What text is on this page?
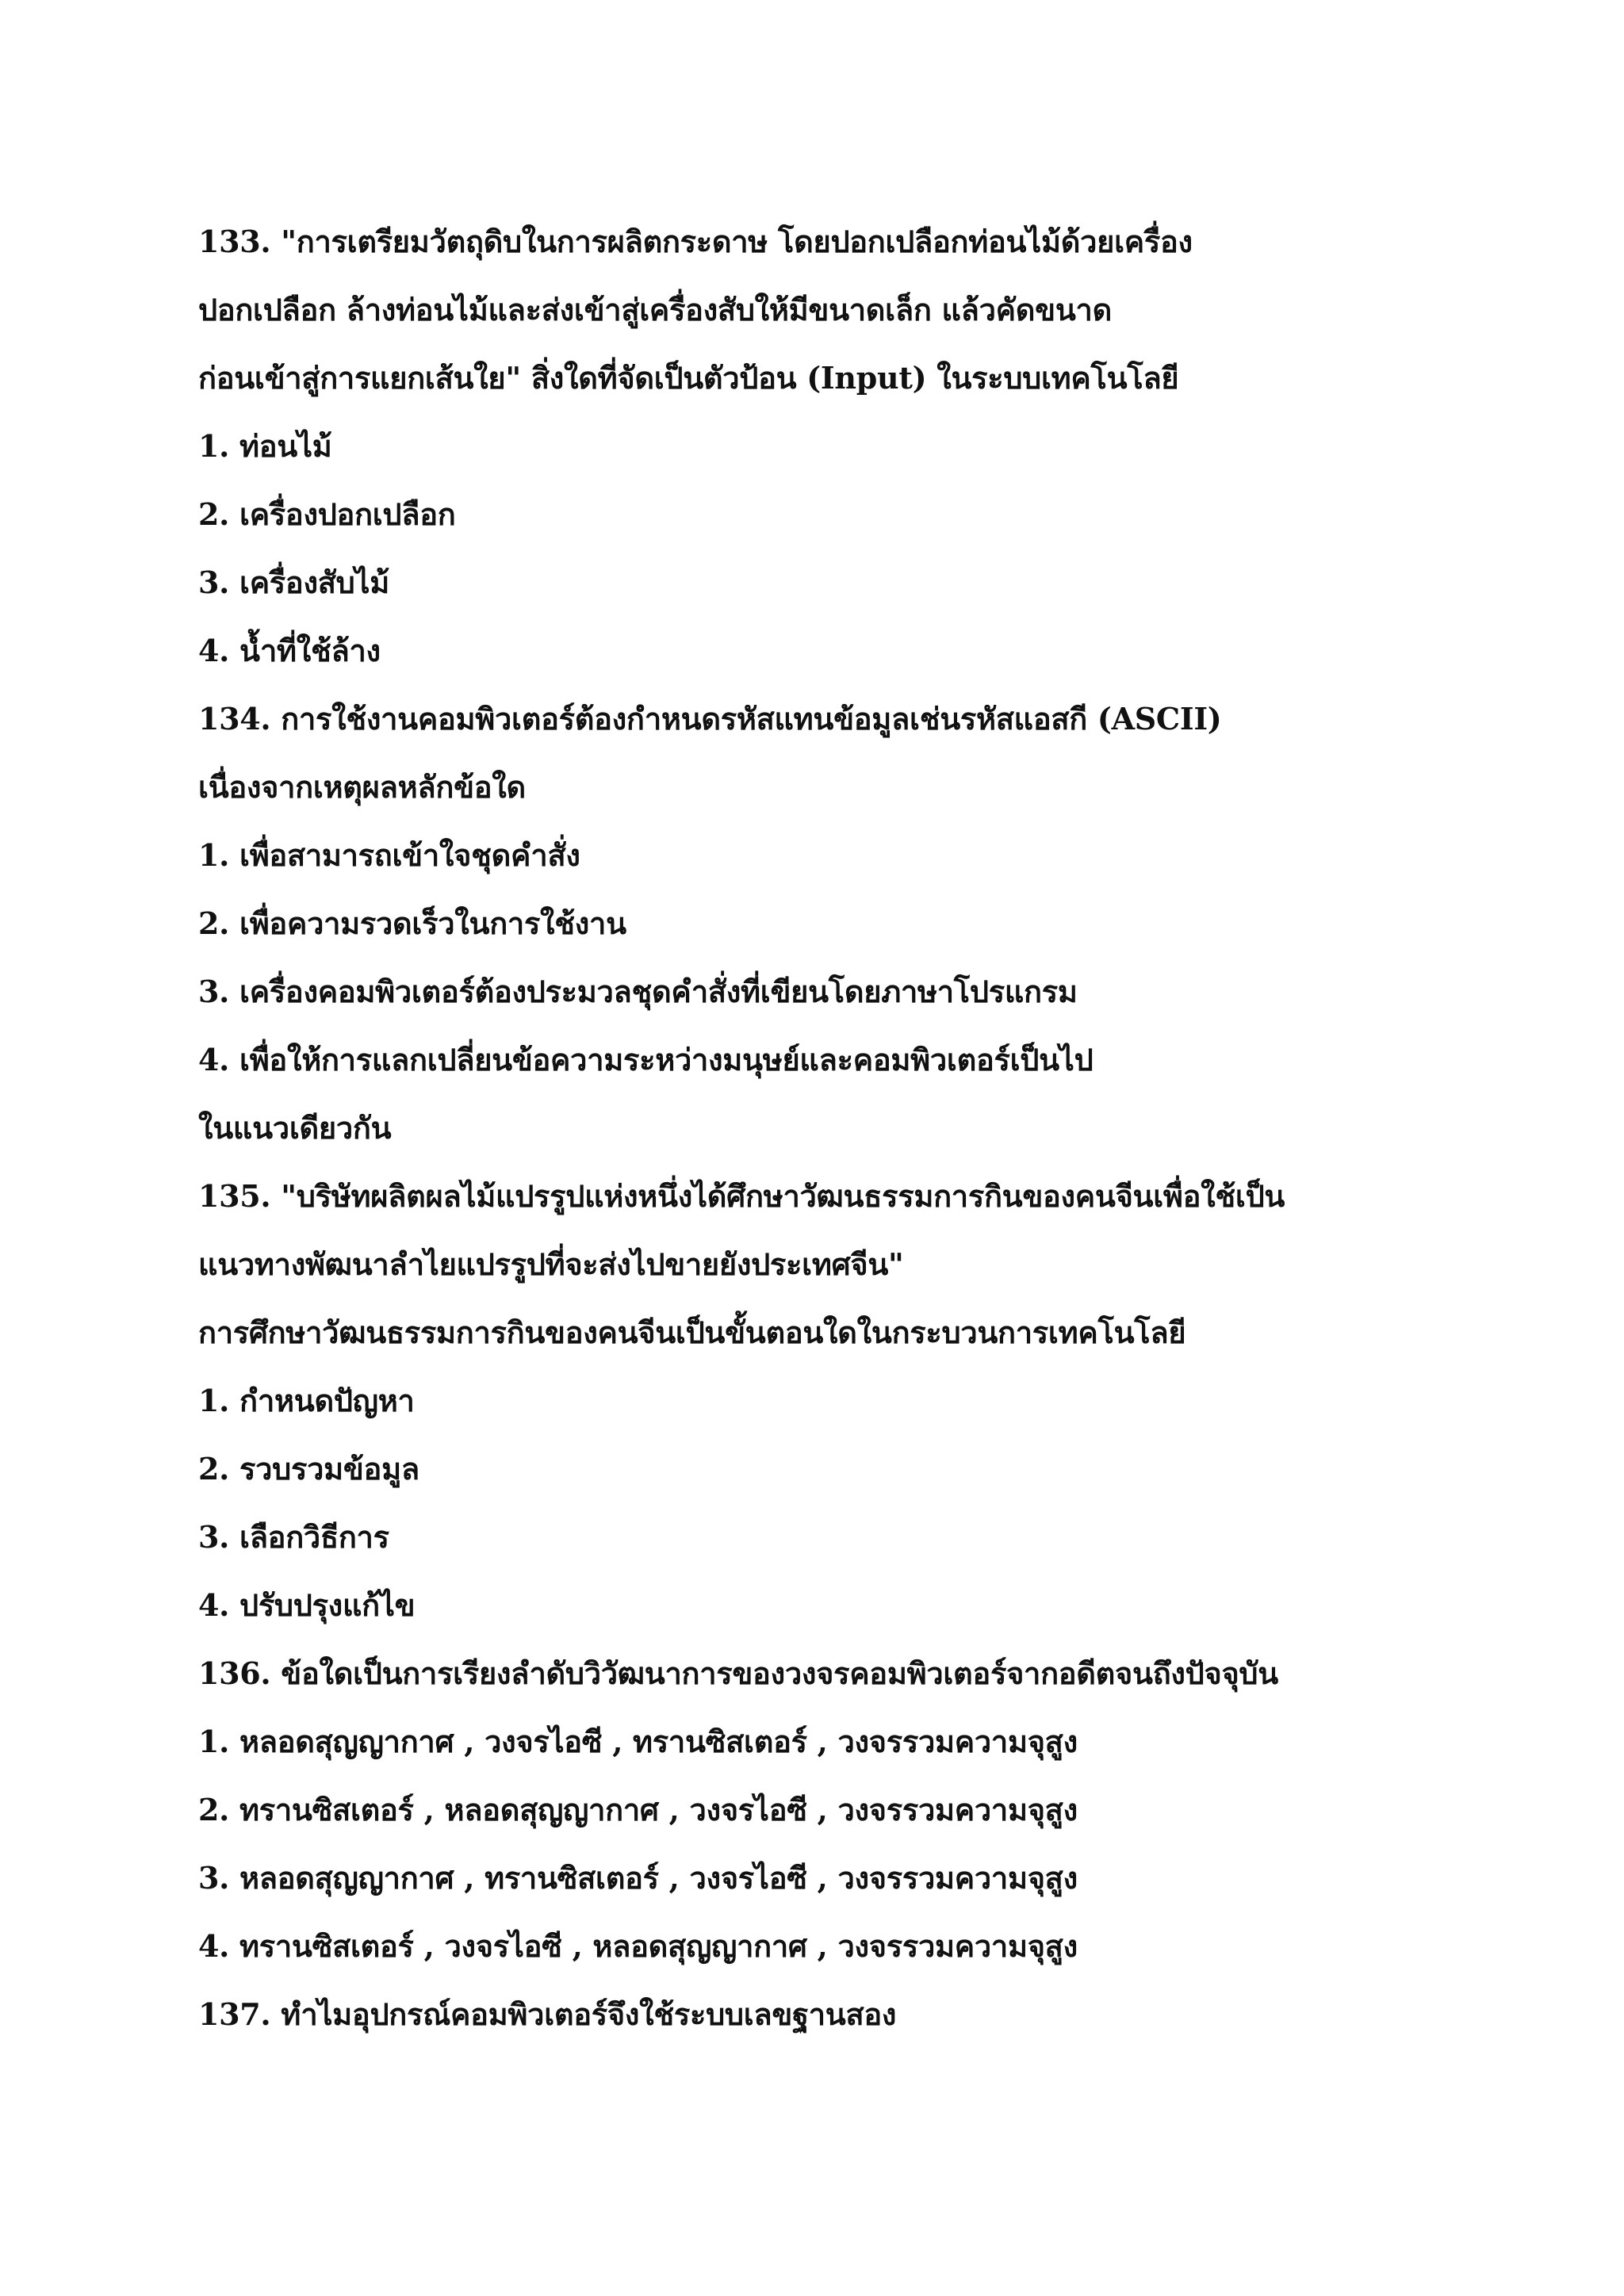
133. "การเตรียมวัตถุดิบในการผลิตกระดาษ โดยปอกเปลือกท่อนไม้ด้วยเครื่อง
ปอกเปลือก ล้างท่อนไม้และส่งเข้าสู่เครื่องสับให้มีขนาดเล็ก แล้วคัดขนาด
ก่อนเข้าสู่การแยกเส้นใย" สิ่งใดที่จัดเป็นตัวป้อน (Input) ในระบบเทคโนโลยี
1. ท่อนไม้
2. เครื่องปอกเปลือก
3. เครื่องสับไม้
4. น้ำที่ใช้ล้าง
134. การใช้งานคอมพิวเตอร์ต้องกำหนดรหัสแทนข้อมูลเช่นรหัสแอสกี (ASCII)
เนื่องจากเหตุผลหลักข้อใด
1. เพื่อสามารถเข้าใจชุดคำสั่ง
2. เพื่อความรวดเร็วในการใช้งาน
3. เครื่องคอมพิวเตอร์ต้องประมวลชุดคำสั่งที่เขียนโดยภาษาโปรแกรม
4. เพื่อให้การแลกเปลี่ยนข้อความระหว่างมนุษย์และคอมพิวเตอร์เป็นไป
ในแนวเดียวกัน
135. "บริษัทผลิตผลไม้แปรรูปแห่งหนึ่งได้ศึกษาวัฒนธรรมการกินของคนจีนเพื่อใช้เป็น
แนวทางพัฒนาลำไยแปรรูปที่จะส่งไปขายยังประเทศจีน"
การศึกษาวัฒนธรรมการกินของคนจีนเป็นขั้นตอนใดในกระบวนการเทคโนโลยี
1. กำหนดปัญหา
2. รวบรวมข้อมูล
3. เลือกวิธีการ
4. ปรับปรุงแก้ไข
136. ข้อใดเป็นการเรียงลำดับวิวัฒนาการของวงจรคอมพิวเตอร์จากอดีตจนถึงปัจจุบัน
1. หลอดสุญญากาศ , วงจรไอซี , ทรานซิสเตอร์ , วงจรรวมความจุสูง
2. ทรานซิสเตอร์ , หลอดสุญญากาศ , วงจรไอซี , วงจรรวมความจุสูง
3. หลอดสุญญากาศ , ทรานซิสเตอร์ , วงจรไอซี , วงจรรวมความจุสูง
4. ทรานซิสเตอร์ , วงจรไอซี , หลอดสุญญากาศ , วงจรรวมความจุสูง
137. ทำไมอุปกรณ์คอมพิวเตอร์จึงใช้ระบบเลขฐานสอง
